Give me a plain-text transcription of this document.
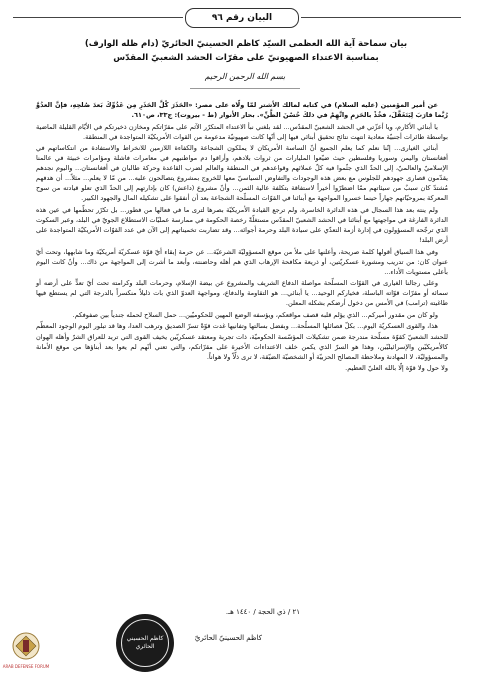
البيان رقم ٩٦
بيان سماحة آية الله العظمى السيّد كاظم الحسينيّ الحائريّ (دام ظله الوارف)
بمناسبة الاعتداء الصهيونيّ على مقرّات الحشد الشعبيّ المقدّس
بسم الله الرحمن الرحيم

عن أمير المؤمنين (عليه السلام) في كتابه لمالك الأشتر لمّا ولّاه على مصر: «الحَذَرَ كُلَّ الحَذَرِ مِن عَدُوِّكَ بَعدَ صُلحِهِ، فإنَّ العدُوَّ رُبَّما قارَبَ لِيَتَغَفَّلَ، فخُذْ بالحَزمِ واتَّهِمْ في ذلكَ حُسْنَ الظَّنِّ». بحار الأنوار (ط - بيروت): ج٣٣، ص٦١٠.

يا أبنائي الأكارم، ويا أعزّتي في الحشد الشعبيّ المقدّس... لقد بلغني نبأ الاعتداء المتكرّر الآثم على مقرّاتكم ومخازن ذخيرتكم في الأيّام القليلة الماضية بواسطة طائرات أجنبيّة معادية انتهت نتائج تحقيق أبنائي فيها إلى أنّها كانت صهيونيّة مدعومة من القوات الأمريكيّة المتواجدة في المنطقة.

أبنائي الغيارى... إنّنا نعلم كما يعلم الجميع أنّ الساسة الأمريكان لا يملكون الشجاعة والكفاءة اللازمين للانخراط والاستفادة من انتكاساتهم في أفغانستان واليمن وسوريا وفلسطين حيث ضيّعوا المليارات من ثروات بلادهم، وأراقوا دم مواطنيهم في معامرات فاشلة ومؤامرات خبيثة في عالمنا الإسلاميّ والعالميّ، إلى الحدّ الذي جثّموا فيه كلّ عملائهم وقواعدهم في المنطقة والعالم لضرب القاعدة وحركة طالبان في أفغانستان... واليوم نجدهم يقدّمون قصارى جهودهم للجلوس مع بعض هذه الوجودات والتفاوض السياسيّ معها للخروج بمشروع يتصالحون عليه... من مّا لا يعلم... مثلاً... أن هدفهم مُشتدّ كان سببٌ من سيئاتهم ممّا اضطرّوا أخيراً لاستفاقة بتكلفة عالية الثمن... وأنّ مشروع (داعش) كان بإدارتهم إلى الحدّ الذي تعلو قيادته من سوح المعركة بمروحيّاتهم جهاراً حينما خسروا المواجهة مع أبنائنا في القوّات المسلّحة الشجاعة بعد أن أنفقوا على تشكيله المال والجهود الكبير.

ولم ينته بعد هذا السجال في هذه الدائرة الخاسرة، ولم ترجع القيادة الأمريكيّة بصرها لترى ما في فعالها من فطور... بل تكرّر تحطّمها في عين هذه الدائرة الفارغة في مواجهتها مع أبنائنا في الحشد الشعبيّ المقدّس مستغلّةً رخصة الحكومة في ممارسة عمليّات الاستطلاع الجويّ في البلد، وعبر السكوت الذي ترجّحه المسؤولون في إدارة أزمة التعدّي على سيادة البلد وحرمة أجوائه... وقد تضاربت تخميناتهم إلى الآن في عدد القوّات الأمريكيّة المتواجدة على أرض البلد!

وفي هذا السياق أقولها كلمة صريحة، وأعلنها على ملأ من موقع المسؤوليّة الشرعيّة... عن حرمة إبقاء أيّ قوّة عسكريّة أمريكيّة وما شابهها، وتحت أيّ عنوان كان: من تدريب ومشورة عسكريّتين، أو ذريعة مكافحة الإرهاب الذي هم أهله وحاضنته، وأبعد ما أشرت إلى المواجهة من ذاك... وأنّ كانت اليوم بأعلى مستويات الأداء...

وعلى رجالنا الغيارى في القوّات المسلّحة مواصلة الدفاع الشريف والمشروع عن بيضة الإسلام، وحرمات البلد وكرامته تحت أيّ تعدٍّ على أرضه أو سمائه أو مقرّات قوّاته الباسلة، فخياركم الوحيد... يا أبنائي... هو التقاومة والدفاع، ومواجهة العدوّ الذي بات ذليلاً منكسراً بالدرجة التي لم يستطع فيها طاغيته (ترامب) في الأمس من دخول أرضكم بشكله المعلن.

ولو كان من مقدور أميركم... الذي يؤلم قلبه قصف مواقعكم، ويؤسفه الوضع المهين للحكوميّين... حمل السلاح لحمله جندياً بين صفوفكم.

هذا، والقوى العسكريّة اليوم... بكلّ فصائلها المسلّحة... وبفضل بسالتها وتفانيها غدت قوّةً تسرّ الصديق وترهب العدا، وها قد تبلور اليوم الوجود المعظّم للحشد الشعبيّ كقوّة مسلّحة مندرجة ضمن تشكيلات المؤسّسة الحكوميّة، ذات تجربة ومعتقد عسكريّين يخيف القوى التي تريد للعراق الشرّ وأهله الهوان كالأمريكيّين والإسرائيليّين، وهذا هو السرّ الذي يكمن خلف الاعتداءات الأخيرة على مقرّاتكم، والتي تعني أنّهم لم يعوا بعد أبناؤها من موقع الأمانة والمسؤوليّة، لا المهادنة وملاحظة المصالح الحزبيّة أو الشخصيّة الضيّقة، لا ترى ذلّاً ولا هواناً.

ولا حول ولا قوّة إلّا بالله العليّ العظيم.

٢١ / ذي الحجة / ١٤٤٠ هـ.
كاظم الحسينيّ الحائريّ
كاظم الحسيني الحائري
ARAB DEFENSE FORUM
